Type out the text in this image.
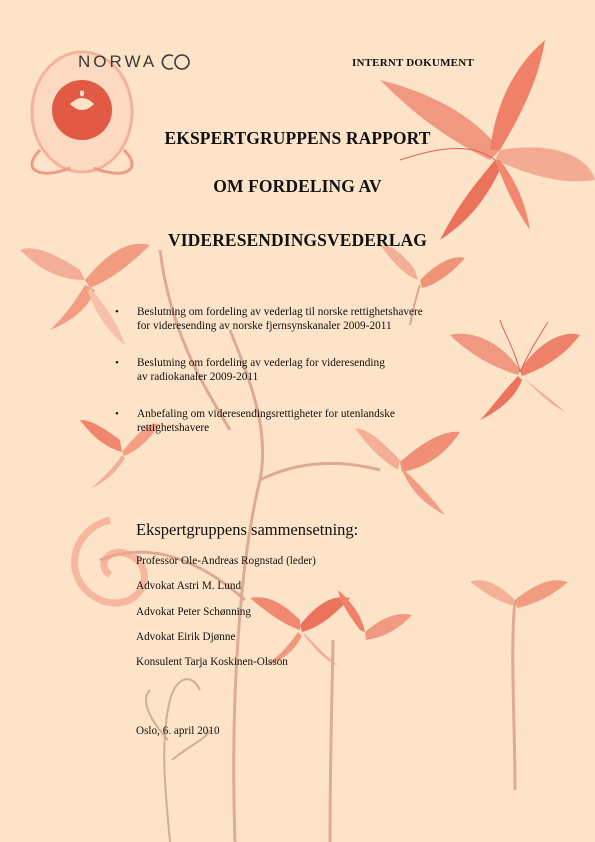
NORWA	INTERNT DOKUMENT
EKSPERTGRUPPENS RAPPORT
OM FORDELING AV
VIDERESENDINGSVEDERLAG
• Beslutning om fordeling av vederlag til norske rettighetshavere
for videresending av norske fjernsynskanaler 2009-2011
• Beslutning om fordeling av vederlag for videresending
av radiokanaler 2009-2011
• Anbefaling om videresendingsrettigheter for utenlandske
rettighetshavere
Ekspertgruppens sammensetning:
Professor Ole-Andreas Rognstad (leder)
Advokat Astri M. Lund
Advokat Peter Schønning
Advokat Eirik Djønne
Konsulent Tarja Koskinen-Olsson
Oslo, 6. april 2010
